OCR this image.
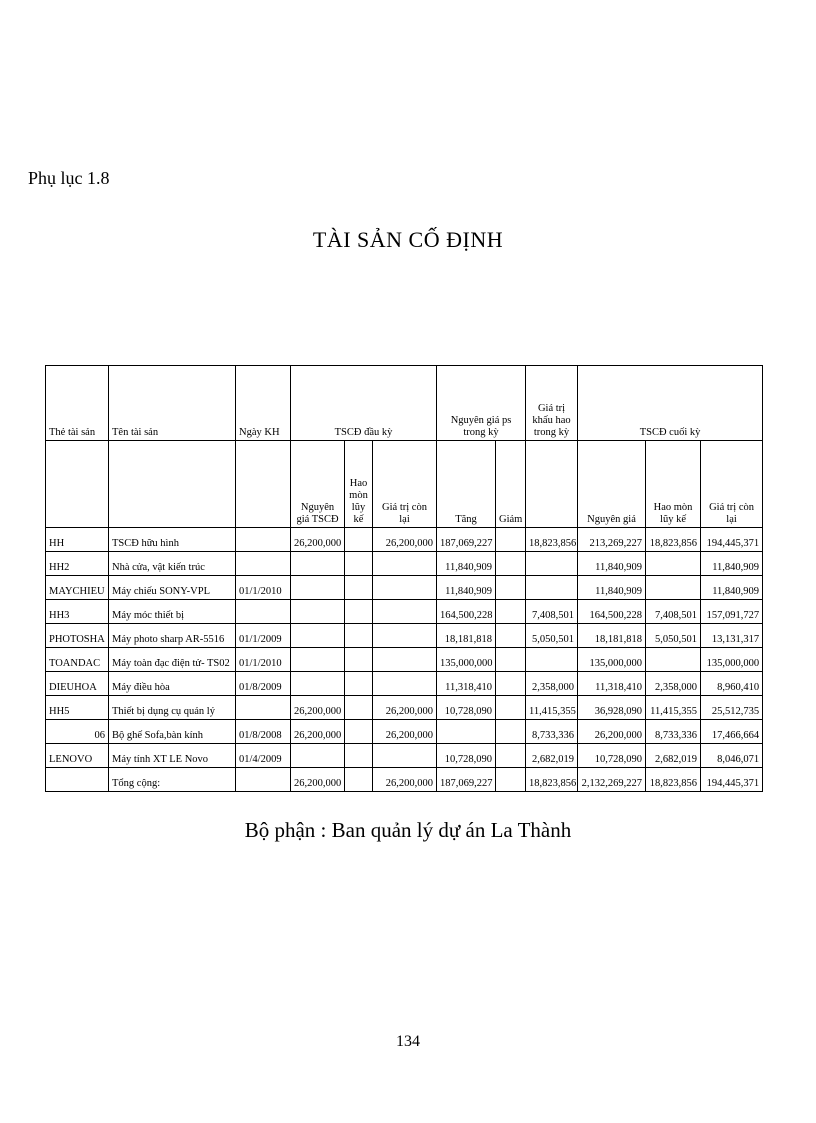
Phụ lục 1.8
TÀI SẢN CỐ ĐỊNH
Thẻ tài sản	Tên tài sản	Ngày KH	TSCĐ đầu kỳ			Nguyên giá ps trong kỳ		Giá trị khấu hao trong kỳ	TSCĐ cuối kỳ		
			Nguyên giá TSCĐ	Hao mòn lũy kế	Giá trị còn lại	Tăng	Giảm		Nguyên giá	Hao mòn lũy kế	Giá trị còn lại
HH	TSCĐ hữu hình		26,200,000		26,200,000	187,069,227		18,823,856	213,269,227	18,823,856	194,445,371
HH2	Nhà cửa, vật kiến trúc					11,840,909			11,840,909		11,840,909
MAYCHIEU	Máy chiếu SONY-VPL	01/1/2010				11,840,909			11,840,909		11,840,909
HH3	Máy móc thiết bị					164,500,228		7,408,501	164,500,228	7,408,501	157,091,727
PHOTOSHA	Máy photo sharp AR-5516	01/1/2009				18,181,818		5,050,501	18,181,818	5,050,501	13,131,317
TOANDAC	Máy toàn đạc điện tử- TS02	01/1/2010				135,000,000			135,000,000		135,000,000
DIEUHOA	Máy điều hòa	01/8/2009				11,318,410		2,358,000	11,318,410	2,358,000	8,960,410
HH5	Thiết bị dụng cụ quản lý		26,200,000		26,200,000	10,728,090		11,415,355	36,928,090	11,415,355	25,512,735
06	Bộ ghế Sofa,bàn kính	01/8/2008	26,200,000		26,200,000			8,733,336	26,200,000	8,733,336	17,466,664
LENOVO	Máy tính XT LE Novo	01/4/2009				10,728,090		2,682,019	10,728,090	2,682,019	8,046,071
	Tổng cộng:		26,200,000		26,200,000	187,069,227		18,823,856	2,132,269,227	18,823,856	194,445,371
Bộ phận : Ban quản lý dự án La Thành
134
